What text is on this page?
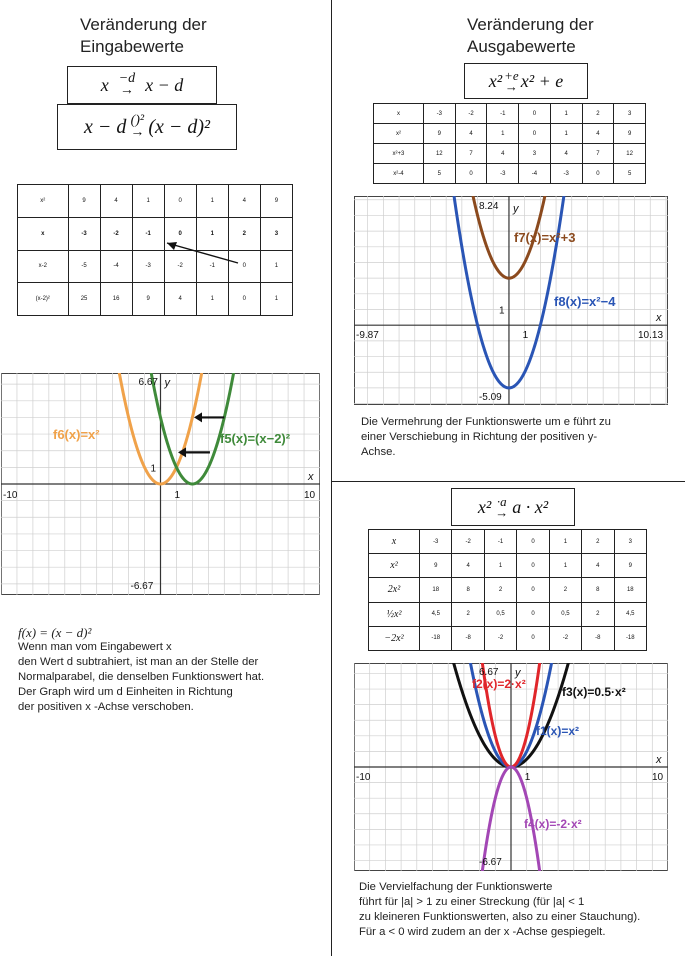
Veränderung der
Eingabewerte
x −d
→ x − d
x − d ()²
→ (x − d)²
x²	9	4	1	0	1	4	9
x	-3	-2	-1	0	1	2	3
x-2	-5	-4	-3	-2	-1	0	1
(x-2)²	25	16	9	4	1	0	1
6.67 y
-6.67
-10	10
x
1
1
f6(x)=x²	f5(x)=(x−2)²
f(x) = (x − d)²
Wenn man vom Eingabewert x
den Wert d subtrahiert, ist man an der Stelle der
Normalparabel, die denselben Funktionswert hat.
Der Graph wird um d Einheiten in Richtung
der positiven x -Achse verschoben.
Veränderung der
Ausgabewerte
x² +e
→ x² + e
x	-3	-2	-1	0	1	2	3
x²	9	4	1	0	1	4	9
x²+3	12	7	4	3	4	7	12
x²-4	5	0	-3	-4	-3	0	5
8.24 y
-5.09
-9.87	10.13
x
1
1
f7(x)=x²+3
f8(x)=x²−4
Die Vermehrung der Funktionswerte um e führt zu
einer Verschiebung in Richtung der positiven y-
Achse.
x² ·a
→ a · x²
x	-3	-2	-1	0	1	2	3
x²	9	4	1	0	1	4	9
2x²	18	8	2	0	2	8	18
½x²	4,5	2	0,5	0	0,5	2	4,5
−2x²	-18	-8	-2	0	-2	-8	-18
6.67 y
-6.67
-10	10
x
1
f2(x)=2·x²
f3(x)=0.5·x²
f1(x)=x²
f4(x)=-2·x²
Die Vervielfachung der Funktionswerte
führt für |a| > 1 zu einer Streckung (für |a| < 1
zu kleineren Funktionswerten, also zu einer Stauchung).
Für a < 0 wird zudem an der x -Achse gespiegelt.
